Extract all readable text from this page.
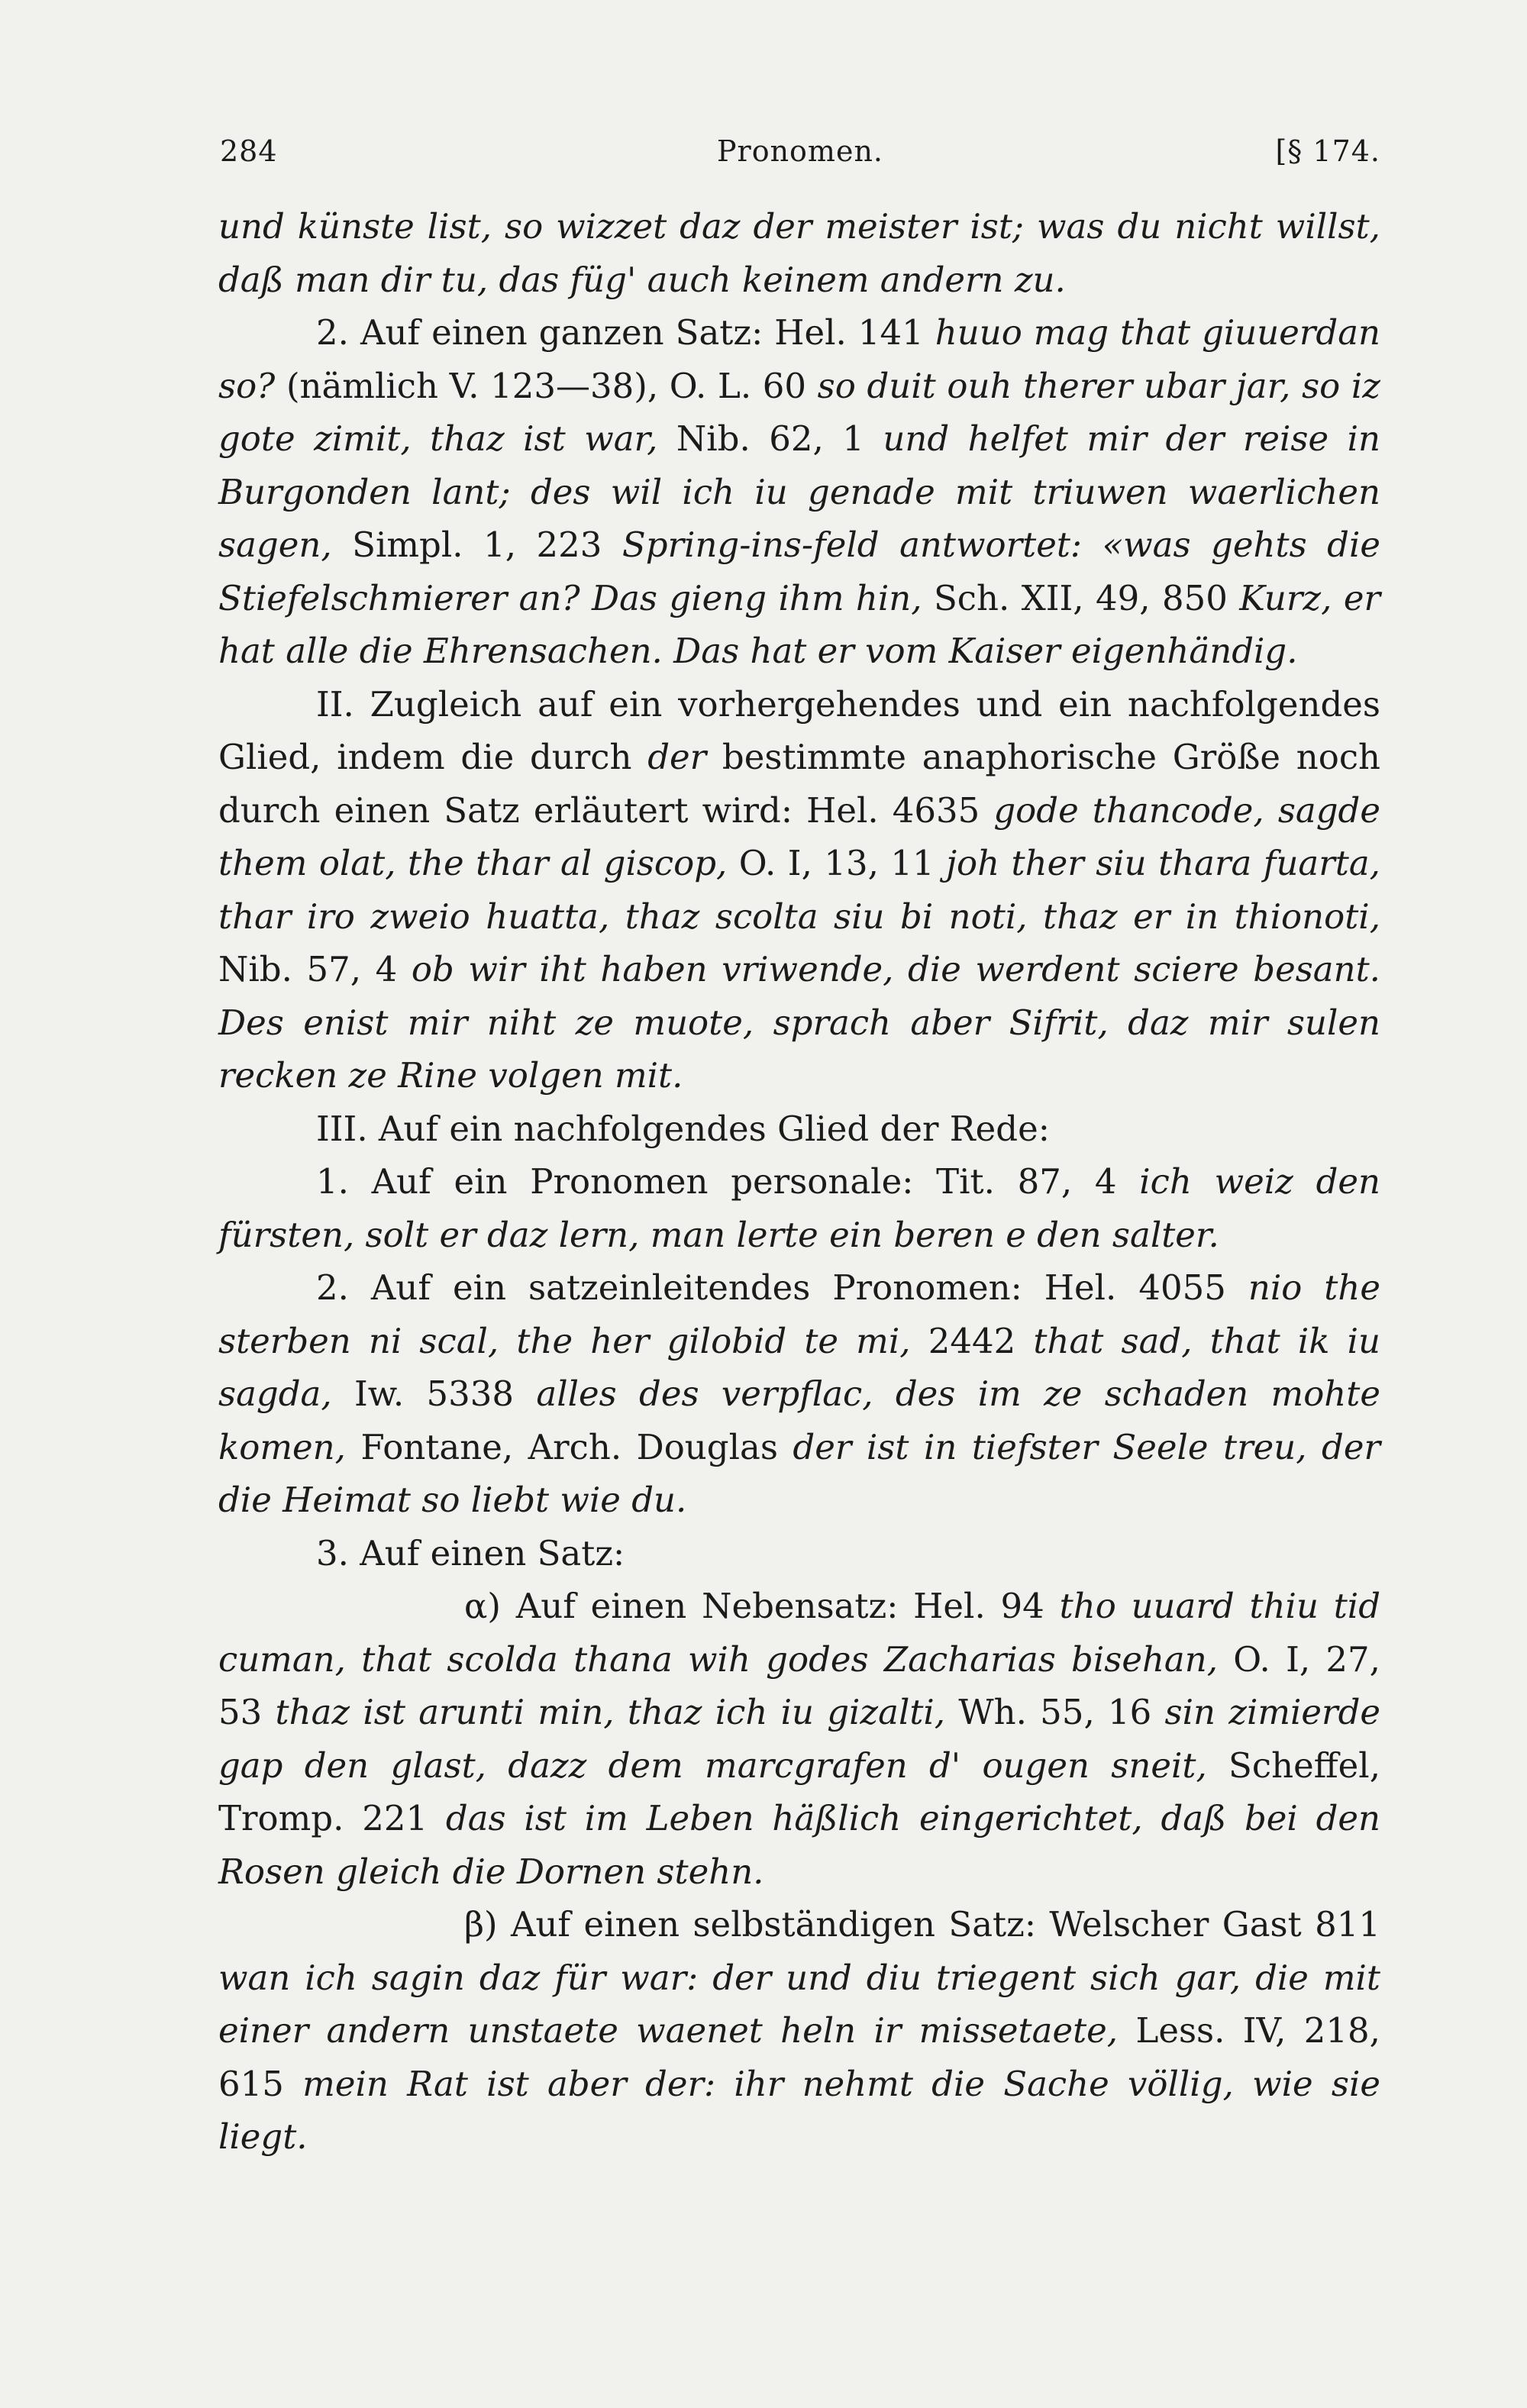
284	Pronomen.	[§ 174.

und künste list, so wizzet daz der meister ist; was du nicht willst, daß man dir tu, das füg' auch keinem andern zu.

2. Auf einen ganzen Satz: Hel. 141 huuo mag that giuuerdan so? (nämlich V. 123—38), O. L. 60 so duit ouh therer ubar jar, so iz gote zimit, thaz ist war, Nib. 62, 1 und helfet mir der reise in Burgonden lant; des wil ich iu genade mit triuwen waerlichen sagen, Simpl. 1, 223 Spring-ins-feld antwortet: «was gehts die Stiefelschmierer an? Das gieng ihm hin, Sch. XII, 49, 850 Kurz, er hat alle die Ehrensachen. Das hat er vom Kaiser eigenhändig.

II. Zugleich auf ein vorhergehendes und ein nachfolgendes Glied, indem die durch der bestimmte anaphorische Größe noch durch einen Satz erläutert wird: Hel. 4635 gode thancode, sagde them olat, the thar al giscop, O. I, 13, 11 joh ther siu thara fuarta, thar iro zweio huatta, thaz scolta siu bi noti, thaz er in thionoti, Nib. 57, 4 ob wir iht haben vriwende, die werdent sciere besant. Des enist mir niht ze muote, sprach aber Sifrit, daz mir sulen recken ze Rine volgen mit.

III. Auf ein nachfolgendes Glied der Rede:

1. Auf ein Pronomen personale: Tit. 87, 4 ich weiz den fürsten, solt er daz lern, man lerte ein beren e den salter.

2. Auf ein satzeinleitendes Pronomen: Hel. 4055 nio the sterben ni scal, the her gilobid te mi, 2442 that sad, that ik iu sagda, Iw. 5338 alles des verpflac, des im ze schaden mohte komen, Fontane, Arch. Douglas der ist in tiefster Seele treu, der die Heimat so liebt wie du.

3. Auf einen Satz:

α) Auf einen Nebensatz: Hel. 94 tho uuard thiu tid cuman, that scolda thana wih godes Zacharias bisehan, O. I, 27, 53 thaz ist arunti min, thaz ich iu gizalti, Wh. 55, 16 sin zimierde gap den glast, dazz dem marcgrafen d' ougen sneit, Scheffel, Tromp. 221 das ist im Leben häßlich eingerichtet, daß bei den Rosen gleich die Dornen stehn.

β) Auf einen selbständigen Satz: Welscher Gast 811 wan ich sagin daz für war: der und diu triegent sich gar, die mit einer andern unstaete waenet heln ir missetaete, Less. IV, 218, 615 mein Rat ist aber der: ihr nehmt die Sache völlig, wie sie liegt.
